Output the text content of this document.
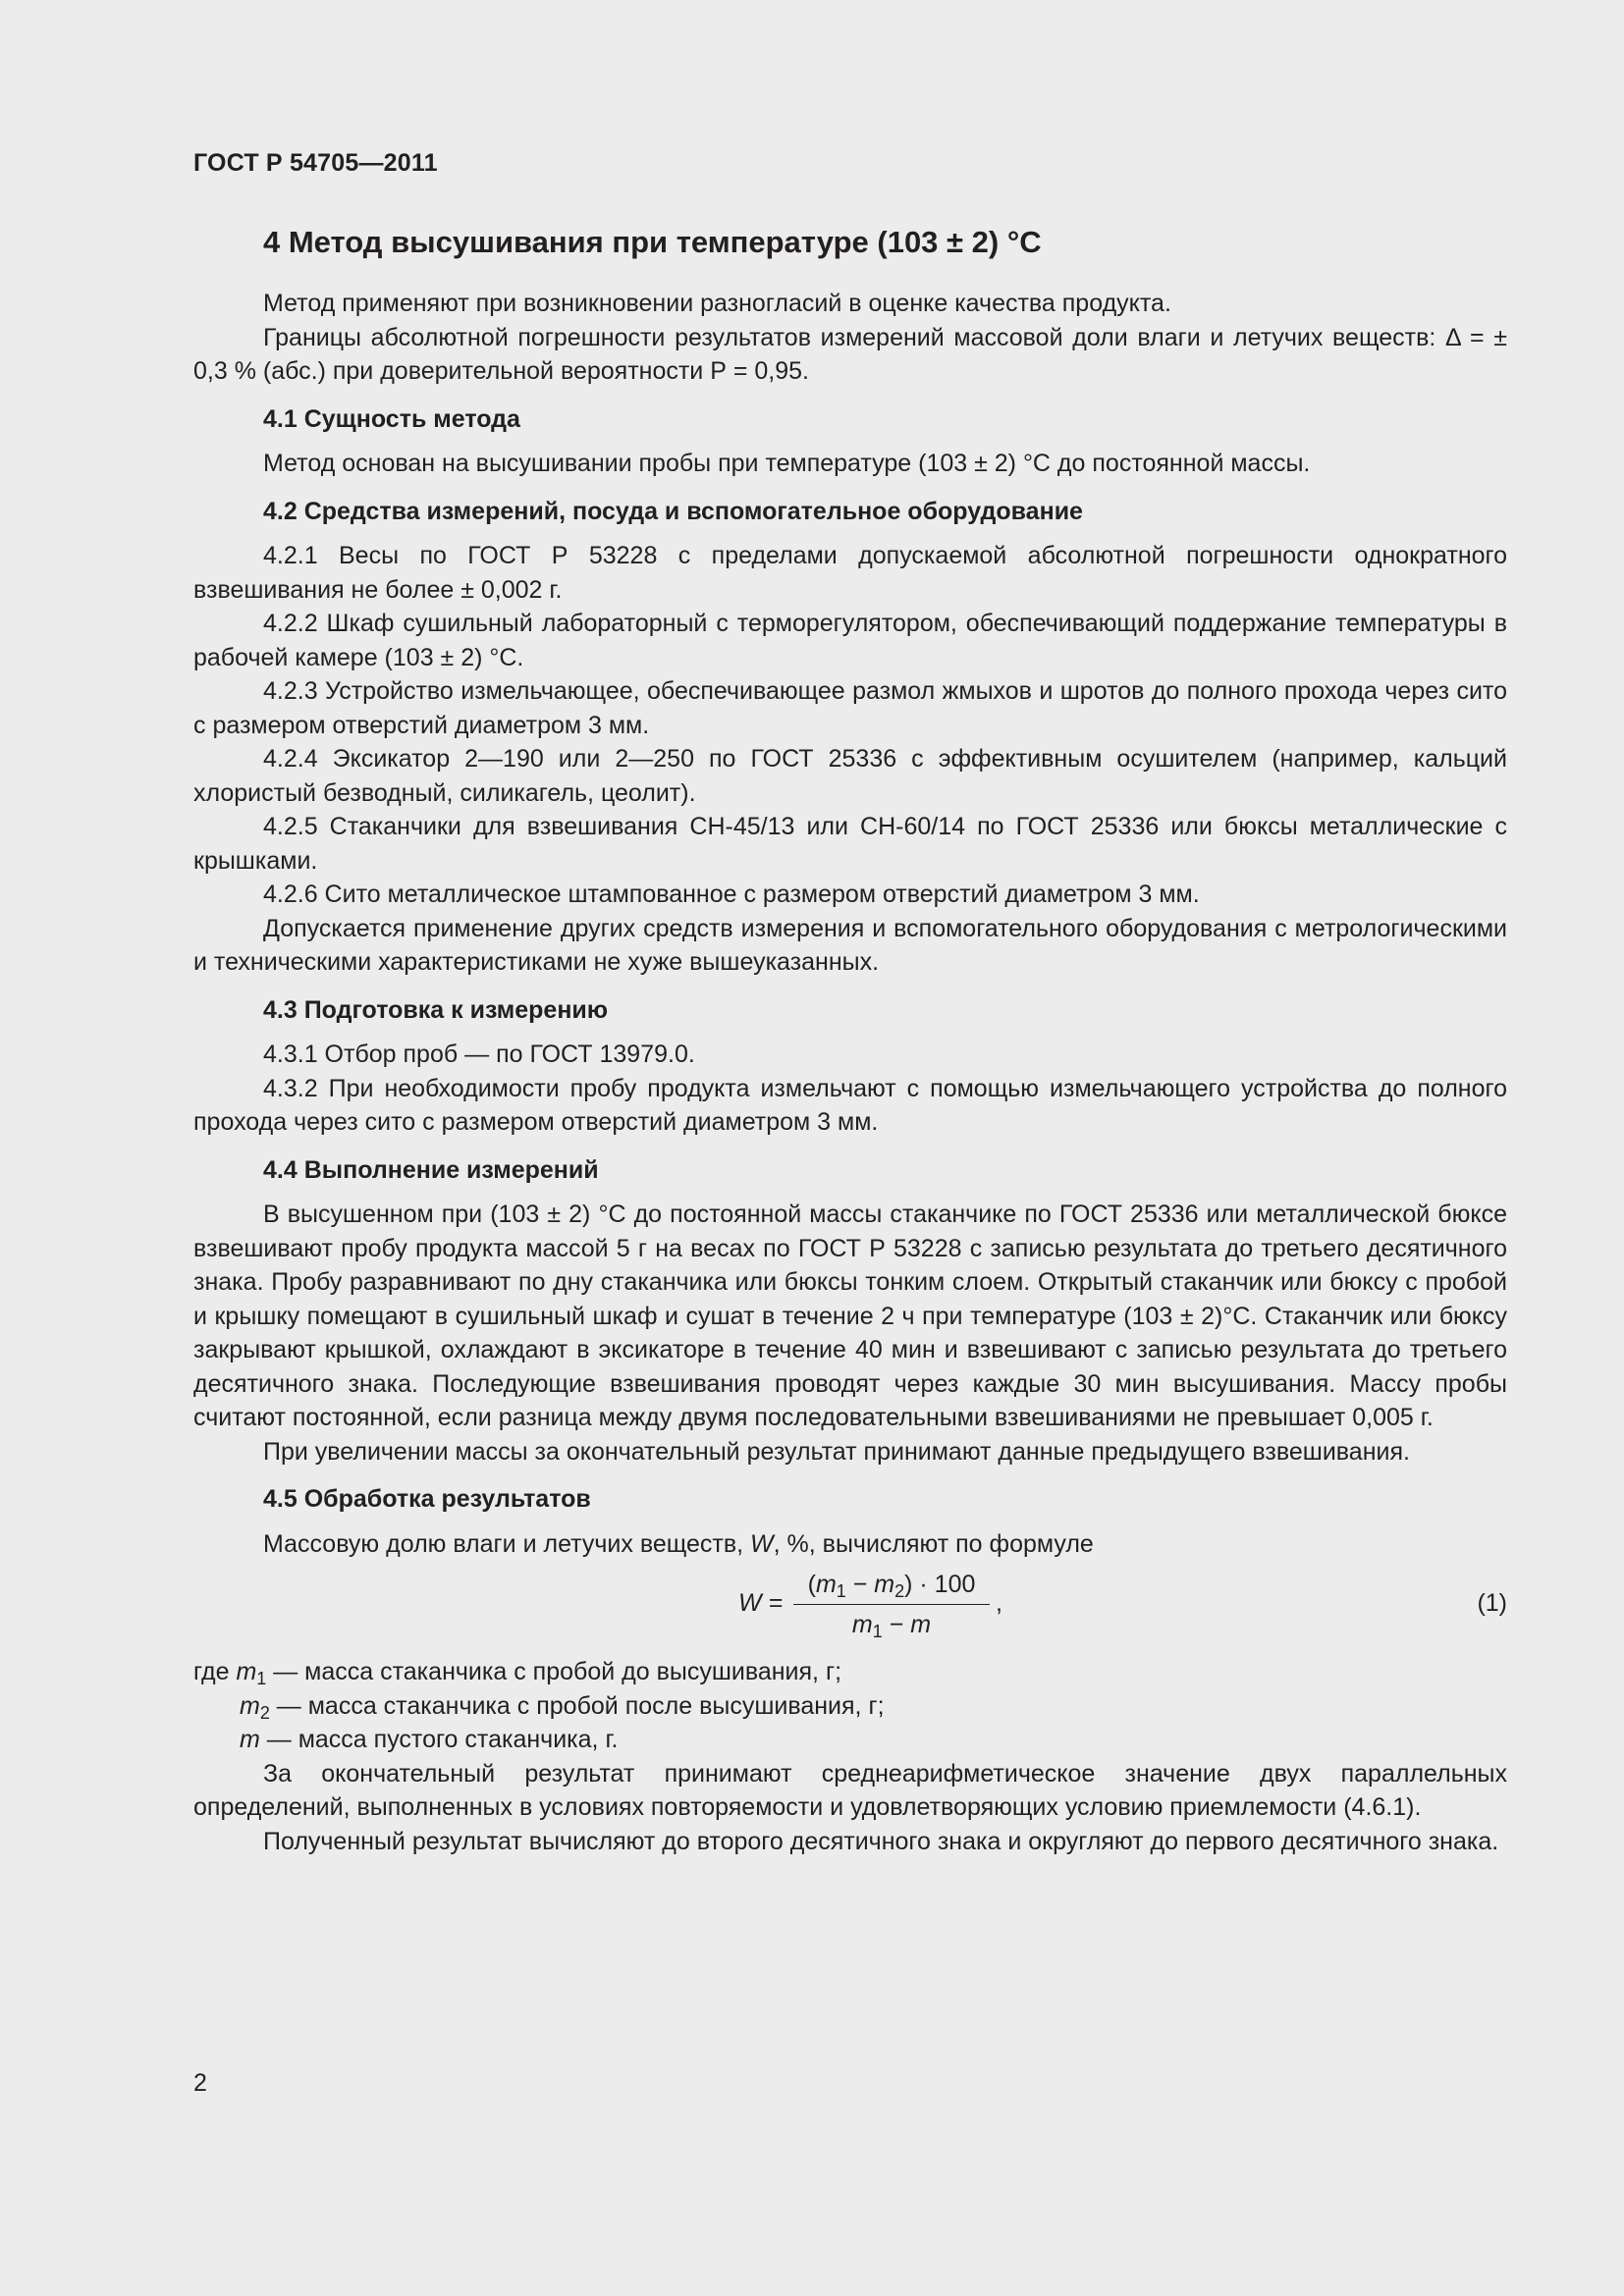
ГОСТ Р 54705—2011
4 Метод высушивания при температуре (103 ± 2) °С

Метод применяют при возникновении разногласий в оценке качества продукта.

Границы абсолютной погрешности результатов измерений массовой доли влаги и летучих веществ: Δ = ± 0,3 % (абс.) при доверительной вероятности Р = 0,95.

4.1 Сущность метода

Метод основан на высушивании пробы при температуре (103 ± 2) °С до постоянной массы.

4.2 Средства измерений, посуда и вспомогательное оборудование

4.2.1 Весы по ГОСТ Р 53228 с пределами допускаемой абсолютной погрешности однократного взвешивания не более ± 0,002 г.

4.2.2 Шкаф сушильный лабораторный с терморегулятором, обеспечивающий поддержание температуры в рабочей камере (103 ± 2) °С.

4.2.3 Устройство измельчающее, обеспечивающее размол жмыхов и шротов до полного прохода через сито с размером отверстий диаметром 3 мм.

4.2.4 Эксикатор 2—190 или 2—250 по ГОСТ 25336 с эффективным осушителем (например, кальций хлористый безводный, силикагель, цеолит).

4.2.5 Стаканчики для взвешивания СН-45/13 или СН-60/14 по ГОСТ 25336 или бюксы металлические с крышками.

4.2.6 Сито металлическое штампованное с размером отверстий диаметром 3 мм.

Допускается применение других средств измерения и вспомогательного оборудования с метрологическими и техническими характеристиками не хуже вышеуказанных.

4.3 Подготовка к измерению

4.3.1 Отбор проб — по ГОСТ 13979.0.

4.3.2 При необходимости пробу продукта измельчают с помощью измельчающего устройства до полного прохода через сито с размером отверстий диаметром 3 мм.

4.4 Выполнение измерений

В высушенном при (103 ± 2) °С до постоянной массы стаканчике по ГОСТ 25336 или металлической бюксе взвешивают пробу продукта массой 5 г на весах по ГОСТ Р 53228 с записью результата до третьего десятичного знака. Пробу разравнивают по дну стаканчика или бюксы тонким слоем. Открытый стаканчик или бюксу с пробой и крышку помещают в сушильный шкаф и сушат в течение 2 ч при температуре (103 ± 2)°С. Стаканчик или бюксу закрывают крышкой, охлаждают в эксикаторе в течение 40 мин и взвешивают с записью результата до третьего десятичного знака. Последующие взвешивания проводят через каждые 30 мин высушивания. Массу пробы считают постоянной, если разница между двумя последовательными взвешиваниями не превышает 0,005 г.

При увеличении массы за окончательный результат принимают данные предыдущего взвешивания.

4.5 Обработка результатов

Массовую долю влаги и летучих веществ, W, %, вычисляют по формуле

$W = \frac{(m_1 - m_2) \cdot 100}{m_1 - m}$ ,	(1)

где $m_1$ — масса стаканчика с пробой до высушивания, г;

$m_2$ — масса стаканчика с пробой после высушивания, г;

m — масса пустого стаканчика, г.

За окончательный результат принимают среднеарифметическое значение двух параллельных определений, выполненных в условиях повторяемости и удовлетворяющих условию приемлемости (4.6.1).

Полученный результат вычисляют до второго десятичного знака и округляют до первого десятичного знака.

2
